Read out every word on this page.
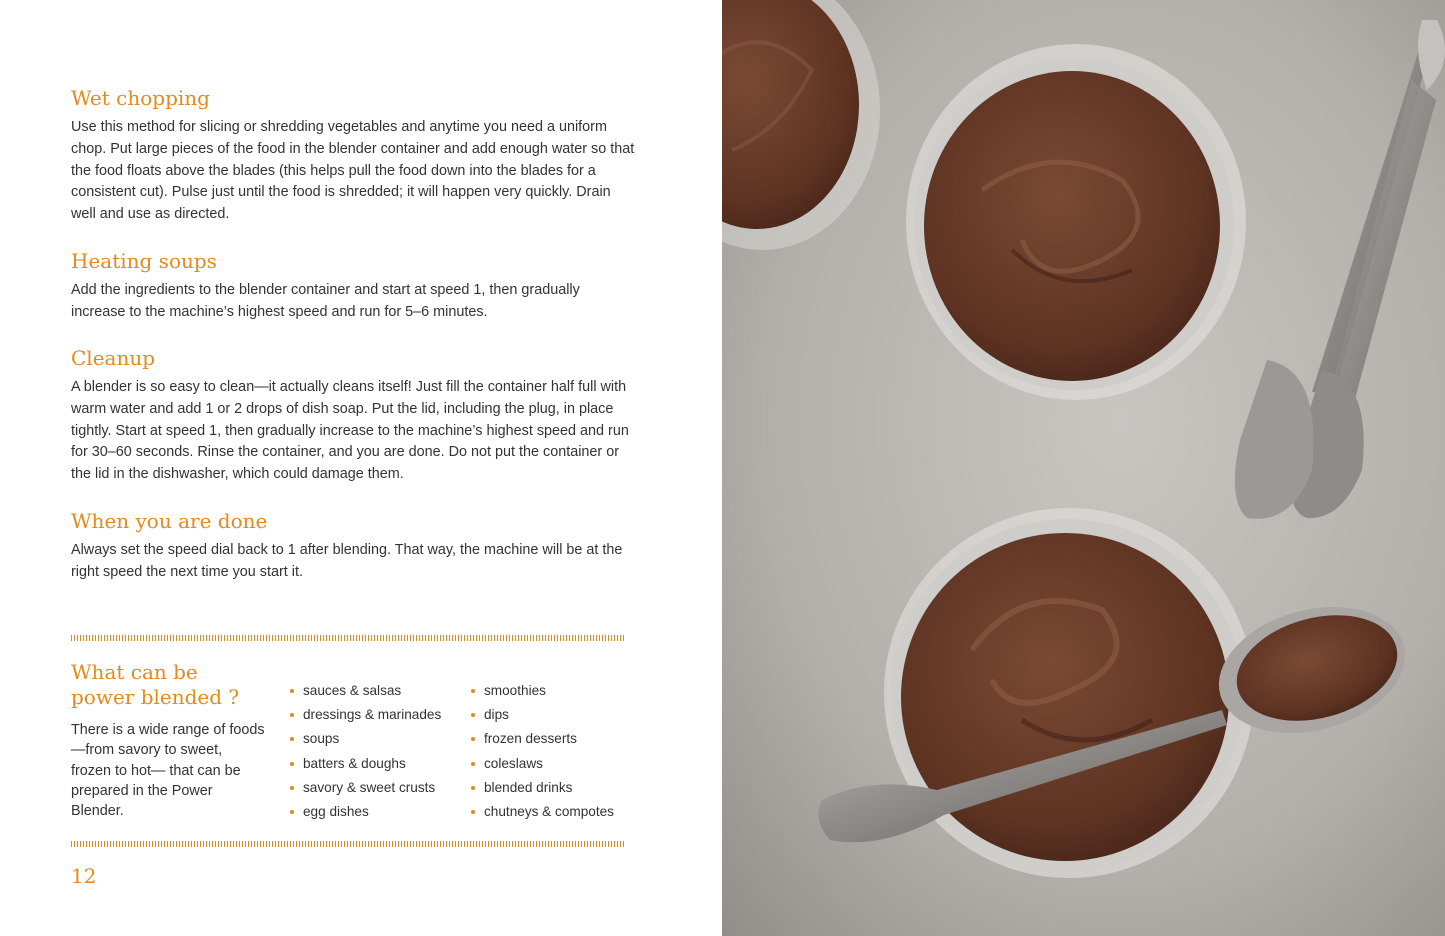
Wet chopping

Use this method for slicing or shredding vegetables and anytime you need a uniform chop. Put large pieces of the food in the blender container and add enough water so that the food floats above the blades (this helps pull the food down into the blades for a consistent cut). Pulse just until the food is shredded; it will happen very quickly. Drain well and use as directed.

Heating soups

Add the ingredients to the blender container and start at speed 1, then gradually increase to the machine’s highest speed and run for 5–6 minutes.

Cleanup

A blender is so easy to clean—it actually cleans itself! Just fill the container half full with warm water and add 1 or 2 drops of dish soap. Put the lid, including the plug, in place tightly. Start at speed 1, then gradually increase to the machine’s highest speed and run for 30–60 seconds. Rinse the container, and you are done. Do not put the container or the lid in the dishwasher, which could damage them.

When you are done

Always set the speed dial back to 1 after blending. That way, the machine will be at the right speed the next time you start it.

What can be
power blended ?

There is a wide range of foods—from savory to sweet, frozen to hot— that can be prepared in the Power Blender.

sauces & salsas
dressings & marinades
soups
batters & doughs
savory & sweet crusts
egg dishes
smoothies
dips
frozen desserts
coleslaws
blended drinks
chutneys & compotes
12
